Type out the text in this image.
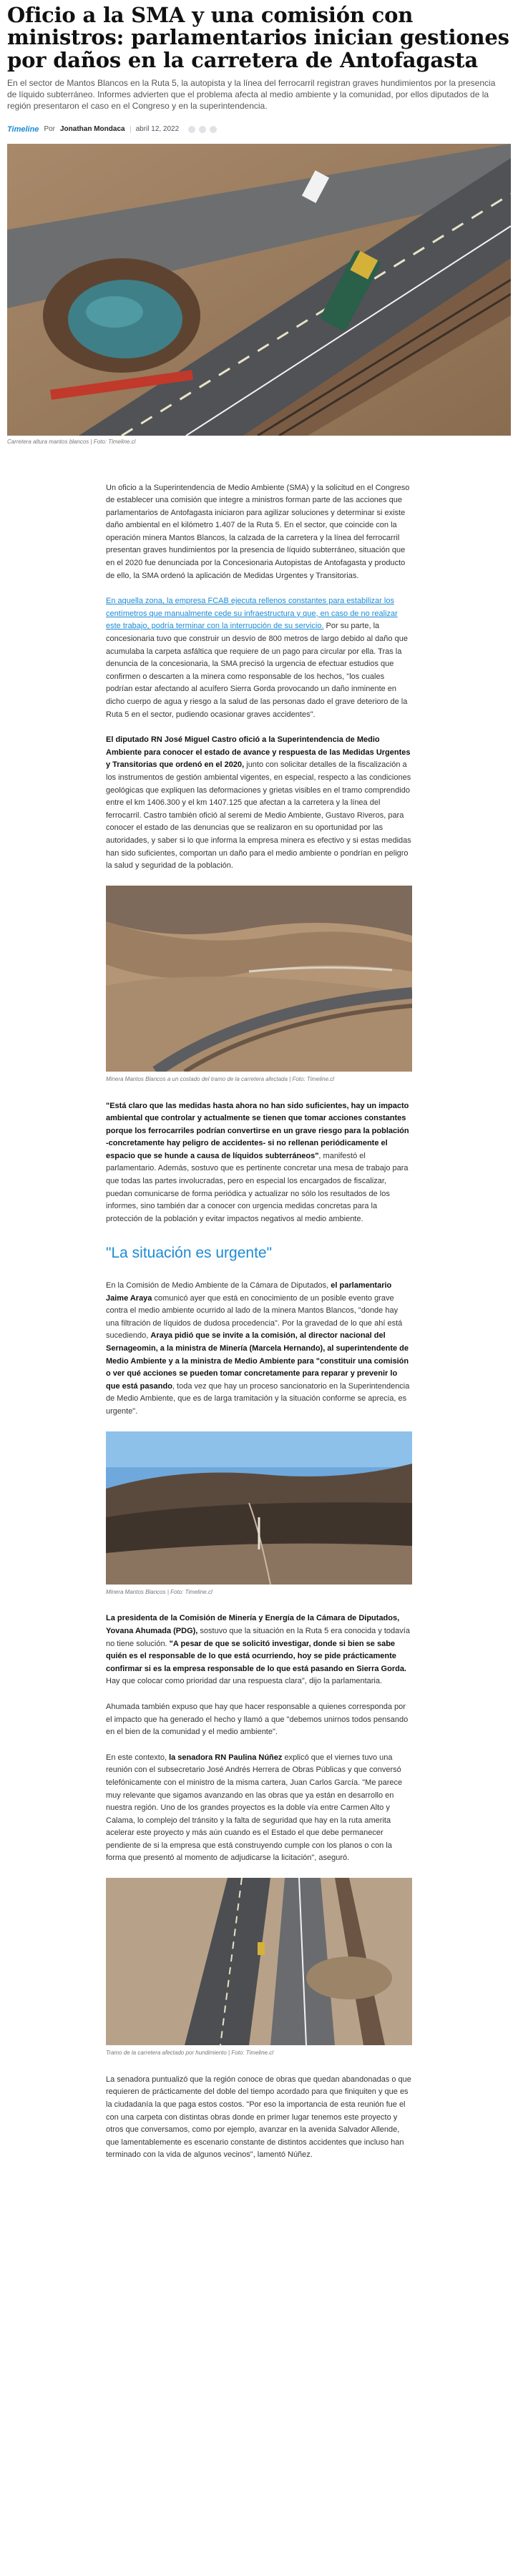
Oficio a la SMA y una comisión con ministros: parlamentarios inician gestiones por daños en la carretera de Antofagasta

En el sector de Mantos Blancos en la Ruta 5, la autopista y la línea del ferrocarril registran graves hundimientos por la presencia de líquido subterráneo. Informes advierten que el problema afecta al medio ambiente y la comunidad, por ellos diputados de la región presentaron el caso en el Congreso y en la superintendencia.

Timeline Por Jonathan Mondaca abril 12, 2022

Carretera altura mantos blancos | Foto: Timeline.cl

Un oficio a la Superintendencia de Medio Ambiente (SMA) y la solicitud en el Congreso de establecer una comisión que integre a ministros forman parte de las acciones que parlamentarios de Antofagasta iniciaron para agilizar soluciones y determinar si existe daño ambiental en el kilómetro 1.407 de la Ruta 5. En el sector, que coincide con la operación minera Mantos Blancos, la calzada de la carretera y la línea del ferrocarril presentan graves hundimientos por la presencia de líquido subterráneo, situación que en el 2020 fue denunciada por la Concesionaria Autopistas de Antofagasta y producto de ello, la SMA ordenó la aplicación de Medidas Urgentes y Transitorias.

En aquella zona, la empresa FCAB ejecuta rellenos constantes para estabilizar los centímetros que manualmente cede su infraestructura y que, en caso de no realizar este trabajo, podría terminar con la interrupción de su servicio. Por su parte, la concesionaria tuvo que construir un desvío de 800 metros de largo debido al daño que acumulaba la carpeta asfáltica que requiere de un pago para circular por ella. Tras la denuncia de la concesionaria, la SMA precisó la urgencia de efectuar estudios que confirmen o descarten a la minera como responsable de los hechos, "los cuales podrían estar afectando al acuífero Sierra Gorda provocando un daño inminente en dicho cuerpo de agua y riesgo a la salud de las personas dado el grave deterioro de la Ruta 5 en el sector, pudiendo ocasionar graves accidentes".

El diputado RN José Miguel Castro ofició a la Superintendencia de Medio Ambiente para conocer el estado de avance y respuesta de las Medidas Urgentes y Transitorias que ordenó en el 2020, junto con solicitar detalles de la fiscalización a los instrumentos de gestión ambiental vigentes, en especial, respecto a las condiciones geológicas que expliquen las deformaciones y grietas visibles en el tramo comprendido entre el km 1406.300 y el km 1407.125 que afectan a la carretera y la línea del ferrocarril. Castro también ofició al seremi de Medio Ambiente, Gustavo Riveros, para conocer el estado de las denuncias que se realizaron en su oportunidad por las autoridades, y saber si lo que informa la empresa minera es efectivo y si estas medidas han sido suficientes, comportan un daño para el medio ambiente o pondrían en peligro la salud y seguridad de la población.

Minera Mantos Blancos a un costado del tramo de la carretera afectada | Foto: Timeline.cl

"Está claro que las medidas hasta ahora no han sido suficientes, hay un impacto ambiental que controlar y actualmente se tienen que tomar acciones constantes porque los ferrocarriles podrían convertirse en un grave riesgo para la población -concretamente hay peligro de accidentes- si no rellenan periódicamente el espacio que se hunde a causa de líquidos subterráneos", manifestó el parlamentario. Además, sostuvo que es pertinente concretar una mesa de trabajo para que todas las partes involucradas, pero en especial los encargados de fiscalizar, puedan comunicarse de forma periódica y actualizar no sólo los resultados de los informes, sino también dar a conocer con urgencia medidas concretas para la protección de la población y evitar impactos negativos al medio ambiente.

"La situación es urgente"

En la Comisión de Medio Ambiente de la Cámara de Diputados, el parlamentario Jaime Araya comunicó ayer que está en conocimiento de un posible evento grave contra el medio ambiente ocurrido al lado de la minera Mantos Blancos, "donde hay una filtración de líquidos de dudosa procedencia". Por la gravedad de lo que ahí está sucediendo, Araya pidió que se invite a la comisión, al director nacional del Sernageomin, a la ministra de Minería (Marcela Hernando), al superintendente de Medio Ambiente y a la ministra de Medio Ambiente para "constituir una comisión o ver qué acciones se pueden tomar concretamente para reparar y prevenir lo que está pasando, toda vez que hay un proceso sancionatorio en la Superintendencia de Medio Ambiente, que es de larga tramitación y la situación conforme se aprecia, es urgente".

Minera Mantos Blancos | Foto: Timeline.cl

La presidenta de la Comisión de Minería y Energía de la Cámara de Diputados, Yovana Ahumada (PDG), sostuvo que la situación en la Ruta 5 era conocida y todavía no tiene solución. "A pesar de que se solicitó investigar, donde si bien se sabe quién es el responsable de lo que está ocurriendo, hoy se pide prácticamente confirmar si es la empresa responsable de lo que está pasando en Sierra Gorda. Hay que colocar como prioridad dar una respuesta clara", dijo la parlamentaria.

Ahumada también expuso que hay que hacer responsable a quienes corresponda por el impacto que ha generado el hecho y llamó a que "debemos unirnos todos pensando en el bien de la comunidad y el medio ambiente".

En este contexto, la senadora RN Paulina Núñez explicó que el viernes tuvo una reunión con el subsecretario José Andrés Herrera de Obras Públicas y que conversó telefónicamente con el ministro de la misma cartera, Juan Carlos García. "Me parece muy relevante que sigamos avanzando en las obras que ya están en desarrollo en nuestra región. Uno de los grandes proyectos es la doble vía entre Carmen Alto y Calama, lo complejo del tránsito y la falta de seguridad que hay en la ruta amerita acelerar este proyecto y más aún cuando es el Estado el que debe permanecer pendiente de si la empresa que está construyendo cumple con los planos o con la forma que presentó al momento de adjudicarse la licitación", aseguró.

Tramo de la carretera afectado por hundimiento | Foto: Timeline.cl

La senadora puntualizó que la región conoce de obras que quedan abandonadas o que requieren de prácticamente del doble del tiempo acordado para que finiquiten y que es la ciudadanía la que paga estos costos. "Por eso la importancia de esta reunión fue el con una carpeta con distintas obras donde en primer lugar tenemos este proyecto y otros que conversamos, como por ejemplo, avanzar en la avenida Salvador Allende, que lamentablemente es escenario constante de distintos accidentes que incluso han terminado con la vida de algunos vecinos", lamentó Núñez.
